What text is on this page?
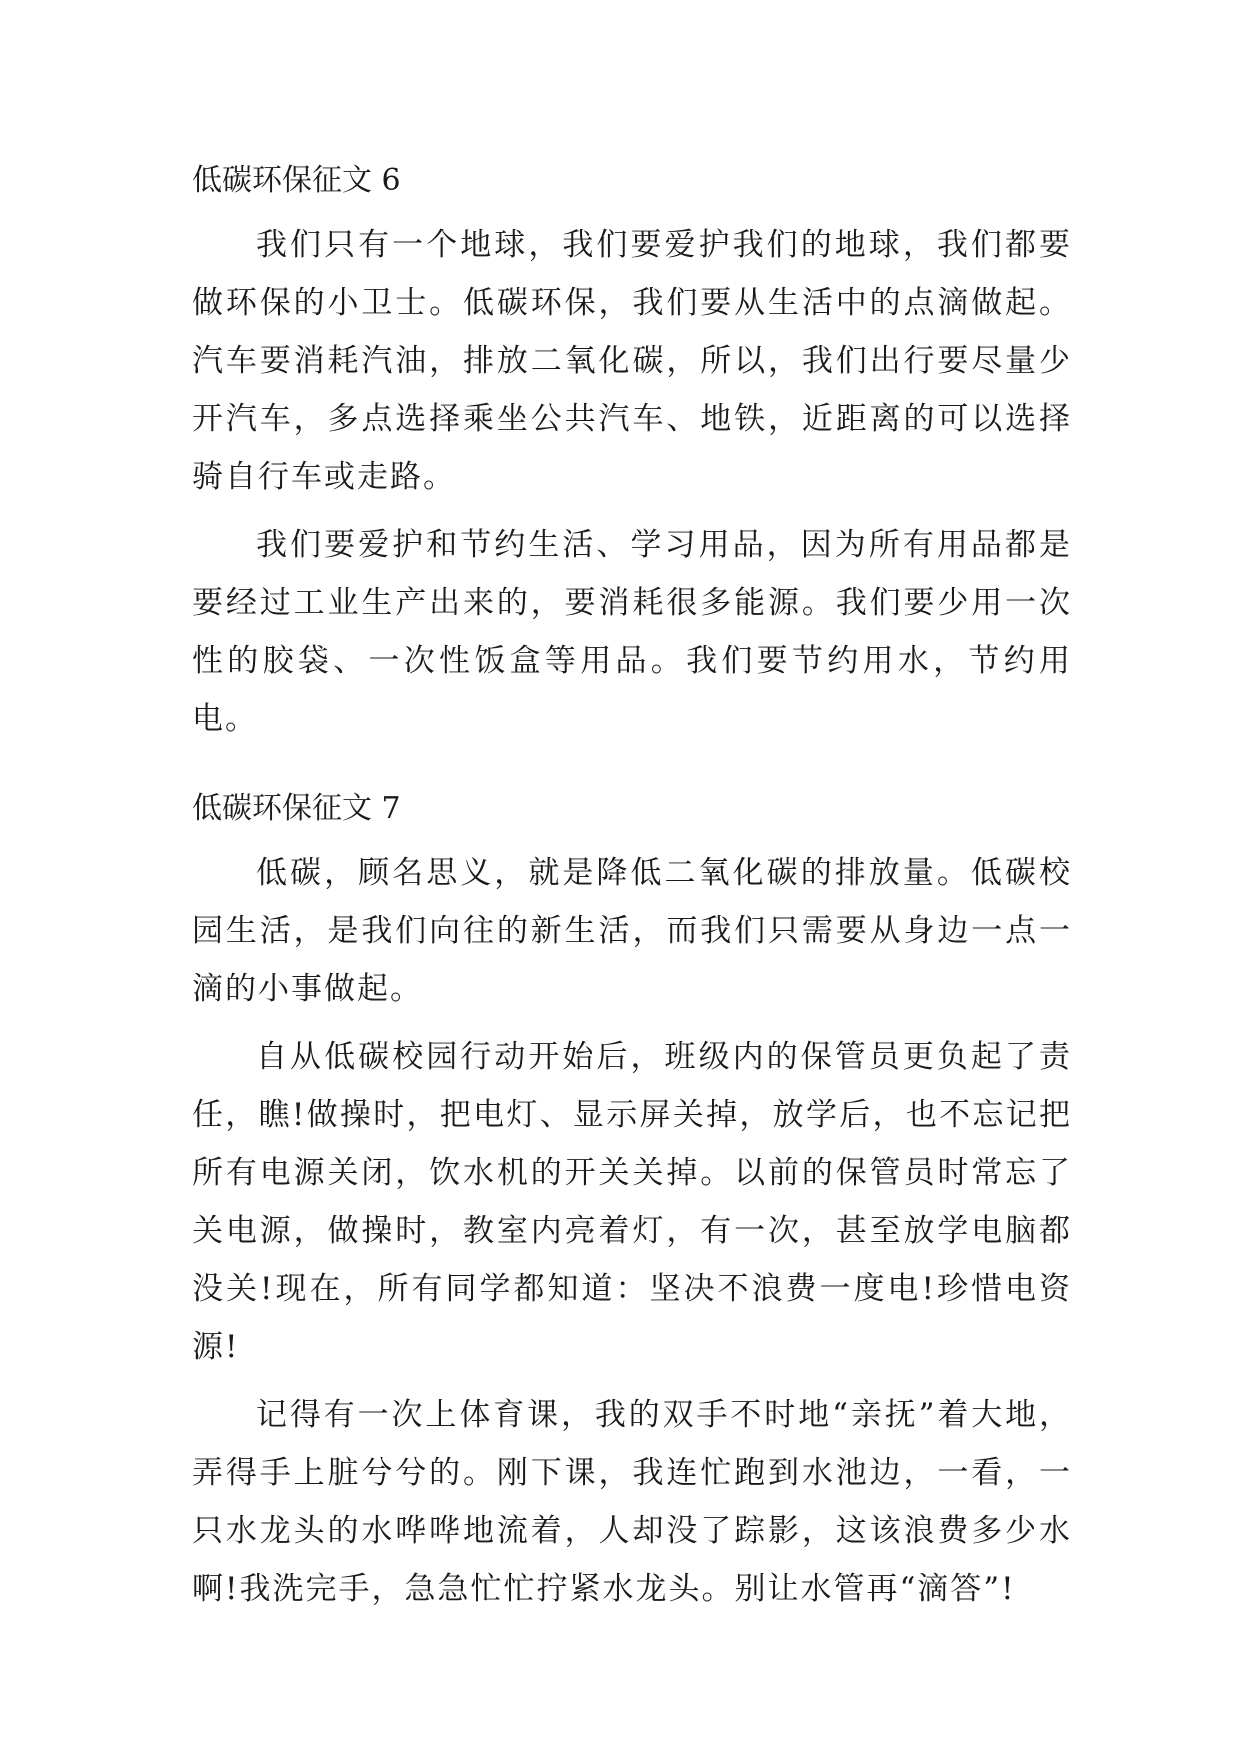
低碳环保征文 6

我们只有一个地球，我们要爱护我们的地球，我们都要做环保的小卫士。低碳环保，我们要从生活中的点滴做起。汽车要消耗汽油，排放二氧化碳，所以，我们出行要尽量少开汽车，多点选择乘坐公共汽车、地铁，近距离的可以选择骑自行车或走路。

我们要爱护和节约生活、学习用品，因为所有用品都是要经过工业生产出来的，要消耗很多能源。我们要少用一次性的胶袋、一次性饭盒等用品。我们要节约用水，节约用电。

低碳环保征文 7

低碳，顾名思义，就是降低二氧化碳的排放量。低碳校园生活，是我们向往的新生活，而我们只需要从身边一点一滴的小事做起。

自从低碳校园行动开始后，班级内的保管员更负起了责任，瞧!做操时，把电灯、显示屏关掉，放学后，也不忘记把所有电源关闭，饮水机的开关关掉。以前的保管员时常忘了关电源，做操时，教室内亮着灯，有一次，甚至放学电脑都没关!现在，所有同学都知道：坚决不浪费一度电!珍惜电资源!

记得有一次上体育课，我的双手不时地“亲抚”着大地，弄得手上脏兮兮的。刚下课，我连忙跑到水池边，一看，一只水龙头的水哗哗地流着，人却没了踪影，这该浪费多少水啊!我洗完手，急急忙忙拧紧水龙头。别让水管再“滴答”!
